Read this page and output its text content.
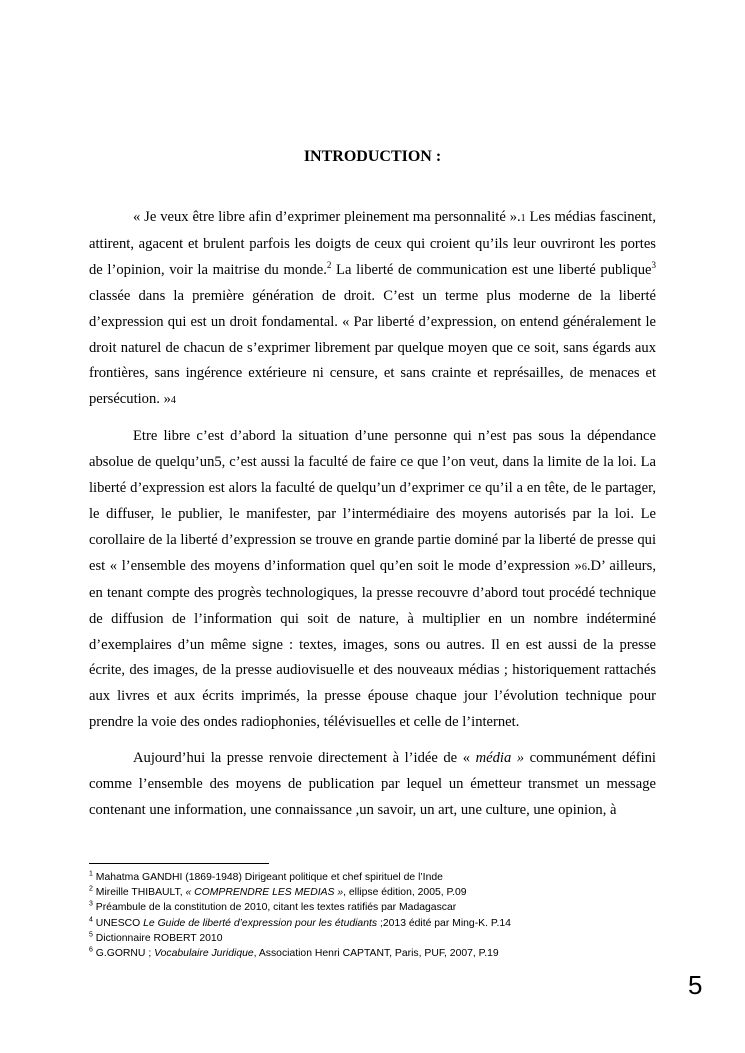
INTRODUCTION :

« Je veux être libre afin d’exprimer pleinement ma personnalité ».1 Les médias fascinent, attirent, agacent et brulent parfois les doigts de ceux qui croient qu’ils leur ouvriront les portes de l’opinion, voir la maitrise du monde.$^2$ La liberté de communication est une liberté publique$^3$ classée dans la première génération de droit. C’est un terme plus moderne de la liberté d’expression qui est un droit fondamental. « Par liberté d’expression, on entend généralement le droit naturel de chacun de s’exprimer librement par quelque moyen que ce soit, sans égards aux frontières, sans ingérence extérieure ni censure, et sans crainte et représailles, de menaces et persécution. »4

Etre libre c’est d’abord la situation d’une personne qui n’est pas sous la dépendance absolue de quelqu’un5, c’est aussi la faculté de faire ce que l’on veut, dans la limite de la loi. La liberté d’expression est alors la faculté de quelqu’un d’exprimer ce qu’il a en tête, de le partager, le diffuser, le publier, le manifester, par l’intermédiaire des moyens autorisés par la loi. Le corollaire de la liberté d’expression se trouve en grande partie dominé par la liberté de presse qui est « l’ensemble des moyens d’information quel qu’en soit le mode d’expression »6.D’ ailleurs, en tenant compte des progrès technologiques, la presse recouvre d’abord tout procédé technique de diffusion de l’information qui soit de nature, à multiplier en un nombre indéterminé d’exemplaires d’un même signe : textes, images, sons ou autres. Il en est aussi de la presse écrite, des images, de la presse audiovisuelle et des nouveaux médias ; historiquement rattachés aux livres et aux écrits imprimés, la presse épouse chaque jour l’évolution technique pour prendre la voie des ondes radiophonies, télévisuelles et celle de l’internet.

Aujourd’hui la presse renvoie directement à l’idée de « média » communément défini comme l’ensemble des moyens de publication par lequel un émetteur transmet un message contenant une information, une connaissance ,un savoir, un art, une culture, une opinion, à

$^1$ Mahatma GANDHI (1869-1948) Dirigeant politique et chef spirituel de l’Inde

$^2$ Mireille THIBAULT, « COMPRENDRE LES MEDIAS », ellipse édition, 2005, P.09

$^3$ Préambule de la constitution de 2010, citant les textes ratifiés par Madagascar

$^4$ UNESCO Le Guide de liberté d’expression pour les étudiants ;2013 édité par Ming-K. P.14

$^5$ Dictionnaire ROBERT 2010

$^6$ G.GORNU ; Vocabulaire Juridique, Association Henri CAPTANT, Paris, PUF, 2007, P.19

5
